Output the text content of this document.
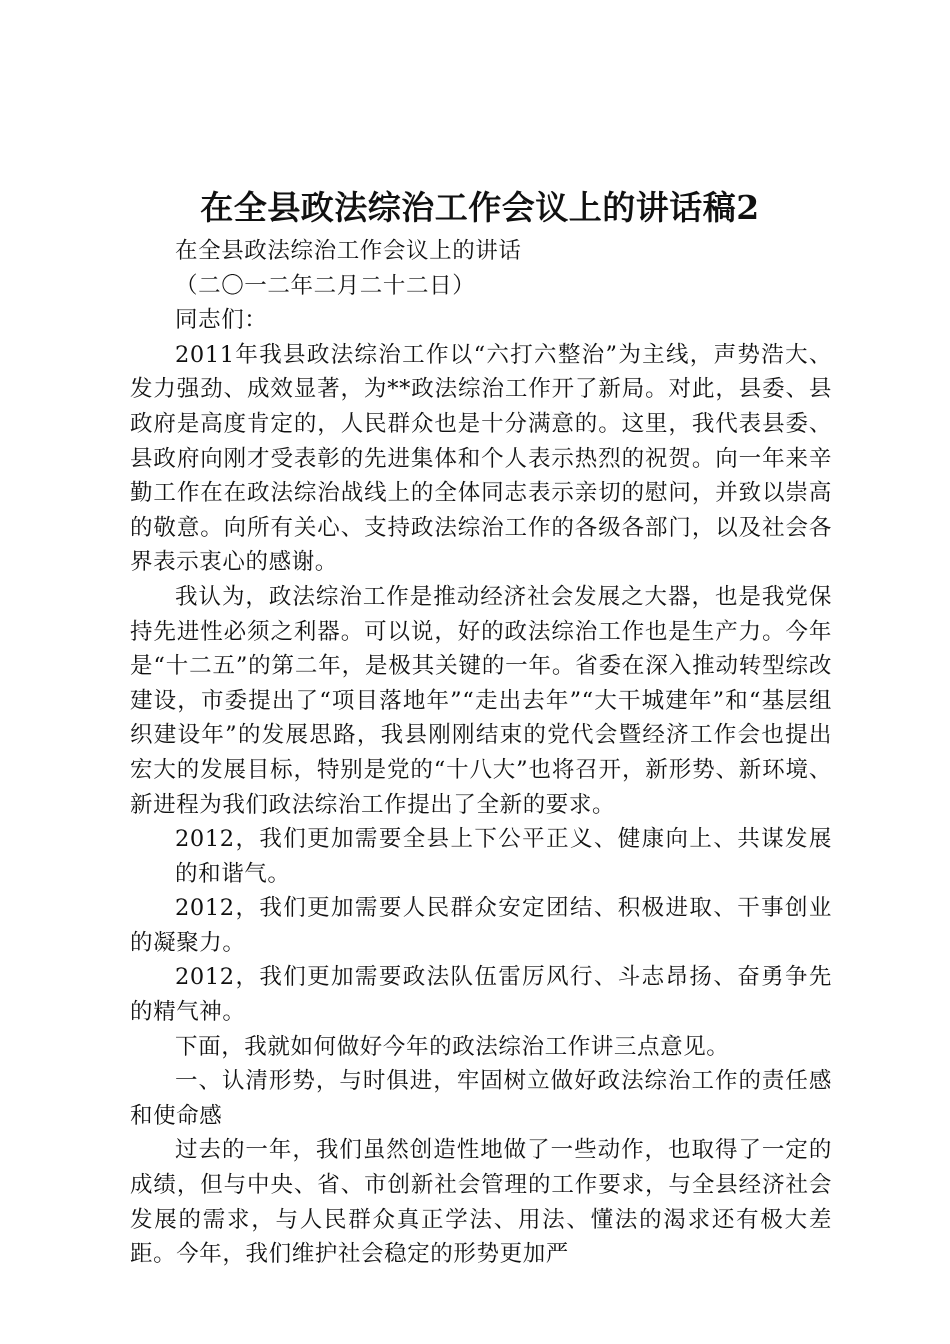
在全县政法综治工作会议上的讲话稿2

在全县政法综治工作会议上的讲话

（二〇一二年二月二十二日）

同志们：

2011年我县政法综治工作以“六打六整治”为主线，声势浩大、发力强劲、成效显著，为**政法综治工作开了新局。对此，县委、县政府是高度肯定的，人民群众也是十分满意的。这里，我代表县委、县政府向刚才受表彰的先进集体和个人表示热烈的祝贺。向一年来辛勤工作在在政法综治战线上的全体同志表示亲切的慰问，并致以崇高的敬意。向所有关心、支持政法综治工作的各级各部门，以及社会各界表示衷心的感谢。

我认为，政法综治工作是推动经济社会发展之大器，也是我党保持先进性必须之利器。可以说，好的政法综治工作也是生产力。今年是“十二五”的第二年，是极其关键的一年。省委在深入推动转型综改建设，市委提出了“项目落地年”“走出去年”“大干城建年”和“基层组织建设年”的发展思路，我县刚刚结束的党代会暨经济工作会也提出宏大的发展目标，特别是党的“十八大”也将召开，新形势、新环境、新进程为我们政法综治工作提出了全新的要求。

2012，我们更加需要全县上下公平正义、健康向上、共谋发展的和谐气。

2012，我们更加需要人民群众安定团结、积极进取、干事创业的凝聚力。

2012，我们更加需要政法队伍雷厉风行、斗志昂扬、奋勇争先的精气神。

下面，我就如何做好今年的政法综治工作讲三点意见。

一、认清形势，与时俱进，牢固树立做好政法综治工作的责任感和使命感

过去的一年，我们虽然创造性地做了一些动作，也取得了一定的成绩，但与中央、省、市创新社会管理的工作要求，与全县经济社会发展的需求，与人民群众真正学法、用法、懂法的渴求还有极大差距。今年，我们维护社会稳定的形势更加严
